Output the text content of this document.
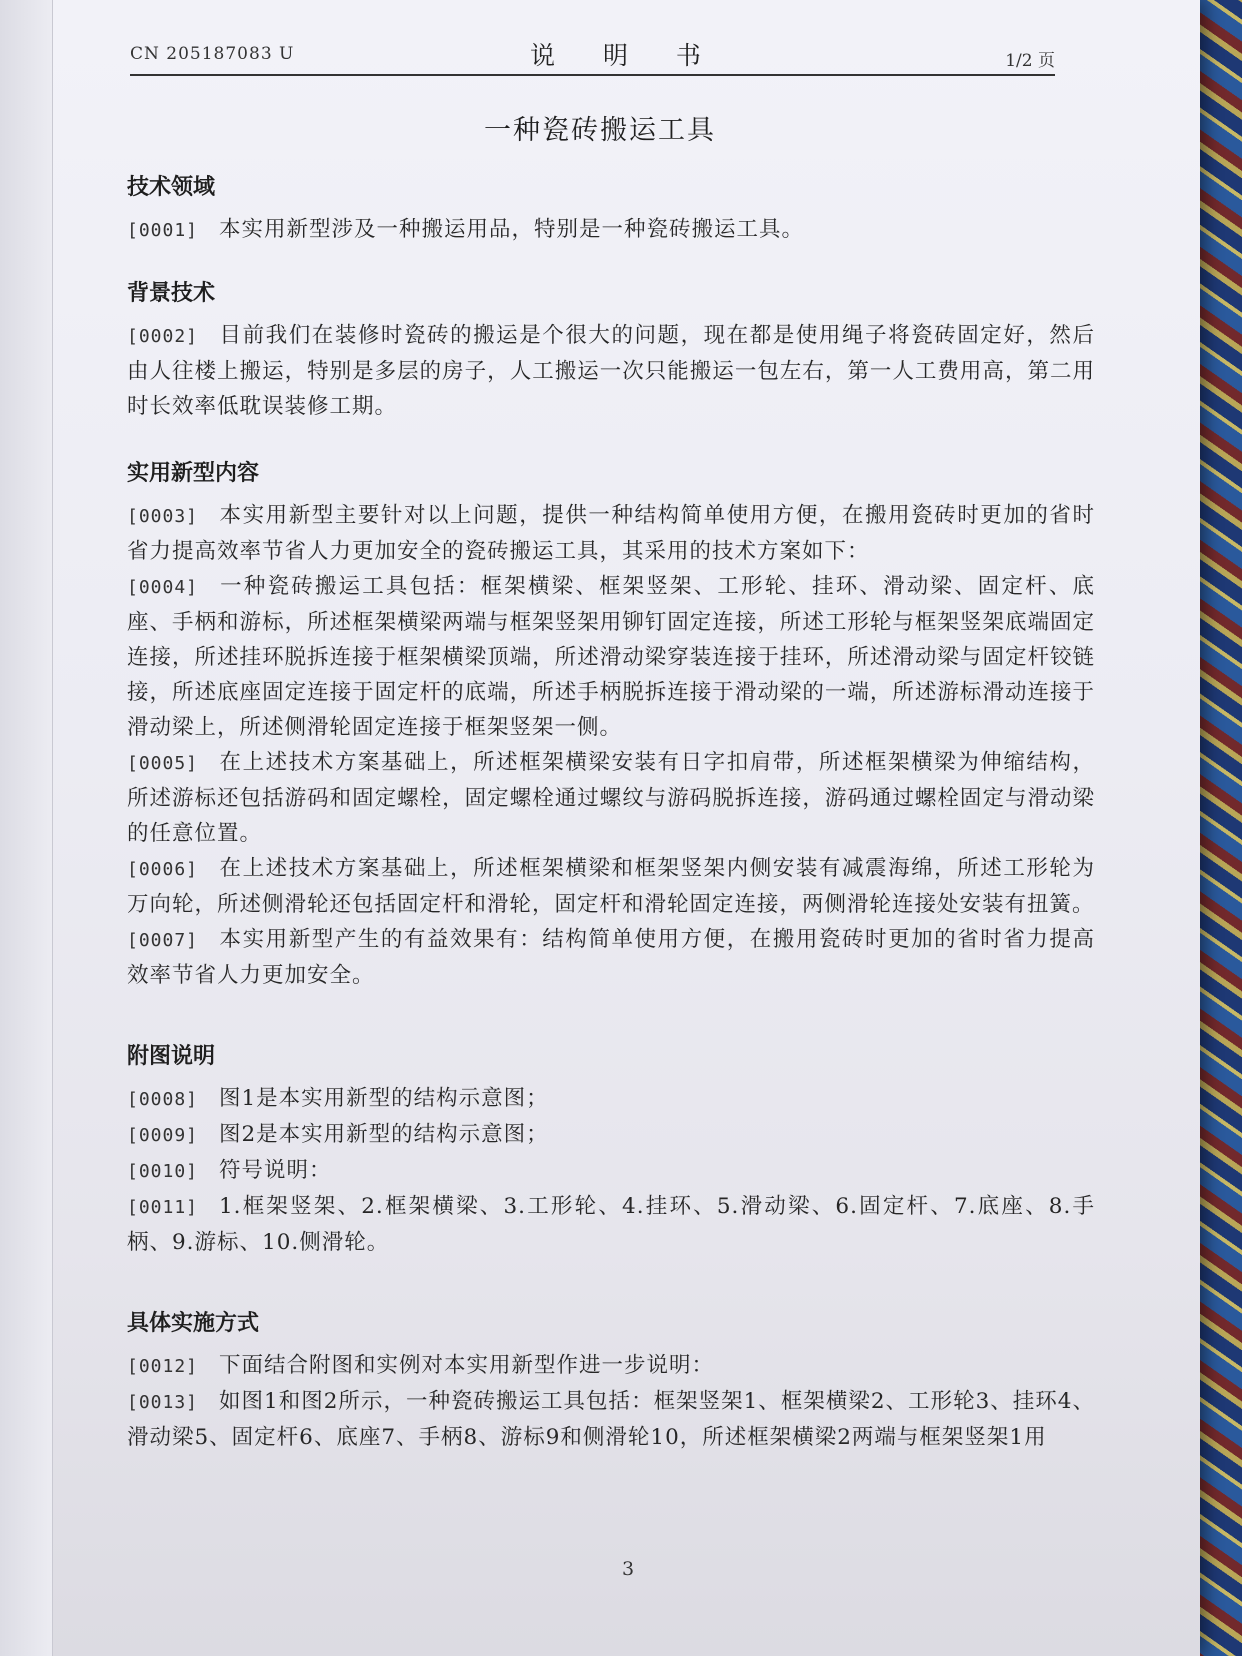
CN 205187083 U	说 明 书	1/2 页
一种瓷砖搬运工具
技术领域

[0001] 本实用新型涉及一种搬运用品，特别是一种瓷砖搬运工具。

背景技术

[0002] 目前我们在装修时瓷砖的搬运是个很大的问题，现在都是使用绳子将瓷砖固定好，然后由人往楼上搬运，特别是多层的房子，人工搬运一次只能搬运一包左右，第一人工费用高，第二用时长效率低耽误装修工期。

实用新型内容

[0003] 本实用新型主要针对以上问题，提供一种结构简单使用方便，在搬用瓷砖时更加的省时省力提高效率节省人力更加安全的瓷砖搬运工具，其采用的技术方案如下：

[0004] 一种瓷砖搬运工具包括：框架横梁、框架竖架、工形轮、挂环、滑动梁、固定杆、底座、手柄和游标，所述框架横梁两端与框架竖架用铆钉固定连接，所述工形轮与框架竖架底端固定连接，所述挂环脱拆连接于框架横梁顶端，所述滑动梁穿装连接于挂环，所述滑动梁与固定杆铰链接，所述底座固定连接于固定杆的底端，所述手柄脱拆连接于滑动梁的一端，所述游标滑动连接于滑动梁上，所述侧滑轮固定连接于框架竖架一侧。

[0005] 在上述技术方案基础上，所述框架横梁安装有日字扣肩带，所述框架横梁为伸缩结构，所述游标还包括游码和固定螺栓，固定螺栓通过螺纹与游码脱拆连接，游码通过螺栓固定与滑动梁的任意位置。

[0006] 在上述技术方案基础上，所述框架横梁和框架竖架内侧安装有减震海绵，所述工形轮为万向轮，所述侧滑轮还包括固定杆和滑轮，固定杆和滑轮固定连接，两侧滑轮连接处安装有扭簧。

[0007] 本实用新型产生的有益效果有：结构简单使用方便，在搬用瓷砖时更加的省时省力提高效率节省人力更加安全。

附图说明

[0008] 图1是本实用新型的结构示意图；

[0009] 图2是本实用新型的结构示意图；

[0010] 符号说明：

[0011] 1.框架竖架、2.框架横梁、3.工形轮、4.挂环、5.滑动梁、6.固定杆、7.底座、8.手柄、9.游标、10.侧滑轮。

具体实施方式

[0012] 下面结合附图和实例对本实用新型作进一步说明：

[0013] 如图1和图2所示，一种瓷砖搬运工具包括：框架竖架1、框架横梁2、工形轮3、挂环4、滑动梁5、固定杆6、底座7、手柄8、游标9和侧滑轮10，所述框架横梁2两端与框架竖架1用

3
